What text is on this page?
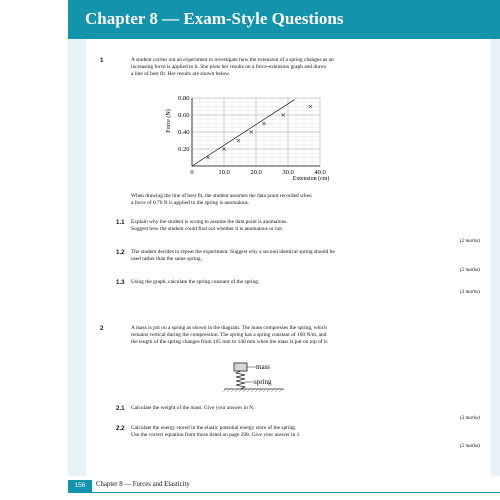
Chapter 8 — Exam-Style Questions
1	A student carries out an experiment to investigate how the extension of a spring changes as an
increasing force is applied to it. She plots her results on a force-extension graph and draws
a line of best fit. Her results are shown below.
0	10.0	20.0	30.0	40.0
0.20
0.40
0.60
0.80
Force (N)
Extension (cm)
When drawing the line of best fit, the student assumes the data point recorded when
a force of 0.70 N is applied to the spring is anomalous.
1.1 Explain why the student is wrong to assume the data point is anomalous.
Suggest how the student could find out whether it is anomalous or not.
(2 marks)
1.2 The student decides to repeat the experiment. Suggest why a second identical spring should be
used rather than the same spring.
(2 marks)
1.3 Using the graph, calculate the spring constant of the spring.
(3 marks)
2	A mass is put on a spring as shown in the diagram. The mass compresses the spring, which
remains vertical during the compression. The spring has a spring constant of 160 N/m, and
the length of the spring changes from 165 mm to 140 mm when the mass is put on top of it.
mass
spring
2.1 Calculate the weight of the mass. Give your answer in N.
(3 marks)
2.2 Calculate the energy stored in the elastic potential energy store of the spring.
Use the correct equation from those listed on page 298. Give your answer in J.
(2 marks)
156	Chapter 8 — Forces and Elasticity
